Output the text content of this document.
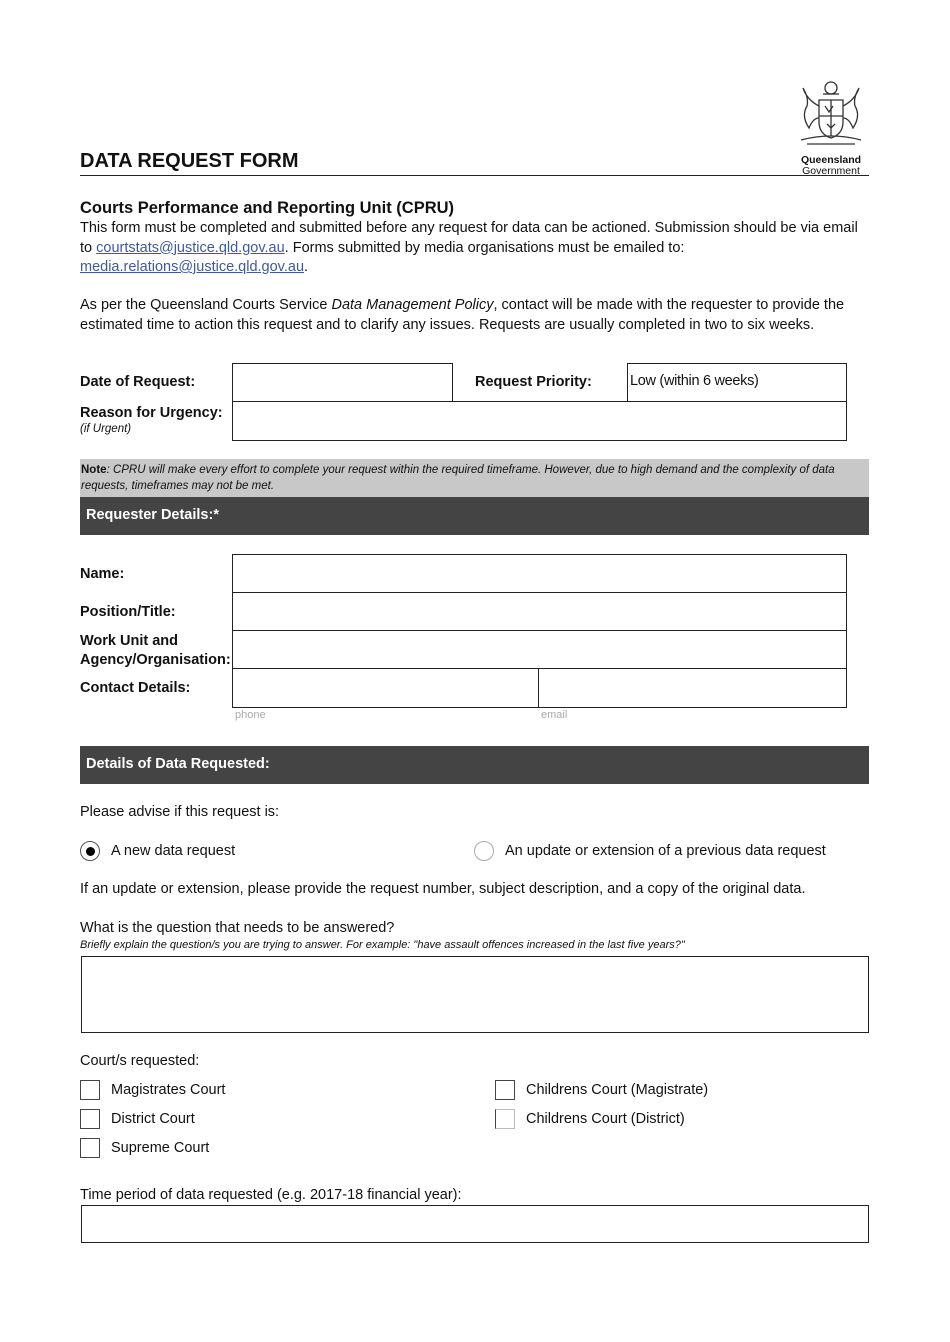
DATA REQUEST FORM	Queensland
Government
Courts Performance and Reporting Unit (CPRU)
This form must be completed and submitted before any request for data can be actioned. Submission should be via email to courtstats@justice.qld.gov.au. Forms submitted by media organisations must be emailed to: media.relations@justice.qld.gov.au.
As per the Queensland Courts Service Data Management Policy, contact will be made with the requester to provide the estimated time to action this request and to clarify any issues. Requests are usually completed in two to six weeks.
Date of Request:	Request Priority:	Low (within 6 weeks)
Reason for Urgency:
(if Urgent)
Note: CPRU will make every effort to complete your request within the required timeframe. However, due to high demand and the complexity of data requests, timeframes may not be met.
Requester Details:*
Name:
Position/Title:
Work Unit and
Agency/Organisation:
Contact Details:
phone	email
Details of Data Requested:
Please advise if this request is:
A new data request	An update or extension of a previous data request
If an update or extension, please provide the request number, subject description, and a copy of the original data.
What is the question that needs to be answered?
Briefly explain the question/s you are trying to answer. For example: "have assault offences increased in the last five years?"
Court/s requested:
Magistrates Court
District Court
Supreme Court
Childrens Court (Magistrate)
Childrens Court (District)
Time period of data requested (e.g. 2017-18 financial year):
